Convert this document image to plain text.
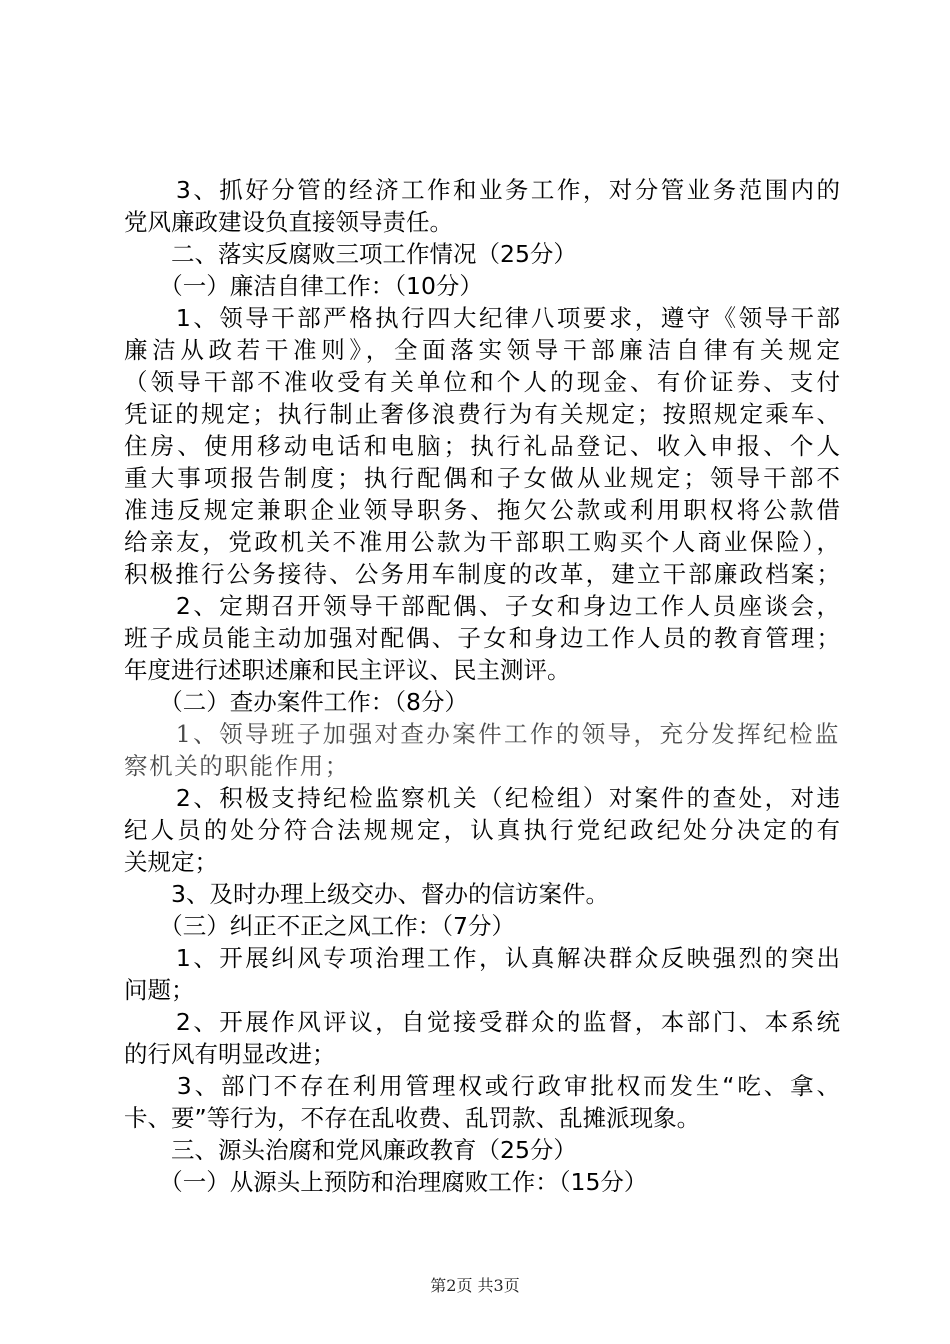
　　3、抓好分管的经济工作和业务工作，对分管业务范围内的
党风廉政建设负直接领导责任。
　　二、落实反腐败三项工作情况（25分）
　　（一）廉洁自律工作：（10分）
　　1、领导干部严格执行四大纪律八项要求，遵守《领导干部
廉洁从政若干准则》，全面落实领导干部廉洁自律有关规定
（领导干部不准收受有关单位和个人的现金、有价证券、支付
凭证的规定；执行制止奢侈浪费行为有关规定；按照规定乘车、
住房、使用移动电话和电脑；执行礼品登记、收入申报、个人
重大事项报告制度；执行配偶和子女做从业规定；领导干部不
准违反规定兼职企业领导职务、拖欠公款或利用职权将公款借
给亲友，党政机关不准用公款为干部职工购买个人商业保险），
积极推行公务接待、公务用车制度的改革，建立干部廉政档案；
　　2、定期召开领导干部配偶、子女和身边工作人员座谈会，
班子成员能主动加强对配偶、子女和身边工作人员的教育管理；
年度进行述职述廉和民主评议、民主测评。
　　（二）查办案件工作：（8分）
　　1、领导班子加强对查办案件工作的领导，充分发挥纪检监
察机关的职能作用；
　　2、积极支持纪检监察机关（纪检组）对案件的查处，对违
纪人员的处分符合法规规定，认真执行党纪政纪处分决定的有
关规定；
　　3、及时办理上级交办、督办的信访案件。
　　（三）纠正不正之风工作：（7分）
　　1、开展纠风专项治理工作，认真解决群众反映强烈的突出
问题；
　　2、开展作风评议，自觉接受群众的监督，本部门、本系统
的行风有明显改进；
　　3、部门不存在利用管理权或行政审批权而发生“吃、拿、
卡、要”等行为，不存在乱收费、乱罚款、乱摊派现象。
　　三、源头治腐和党风廉政教育（25分）
　　（一）从源头上预防和治理腐败工作：（15分）
第2页 共3页
